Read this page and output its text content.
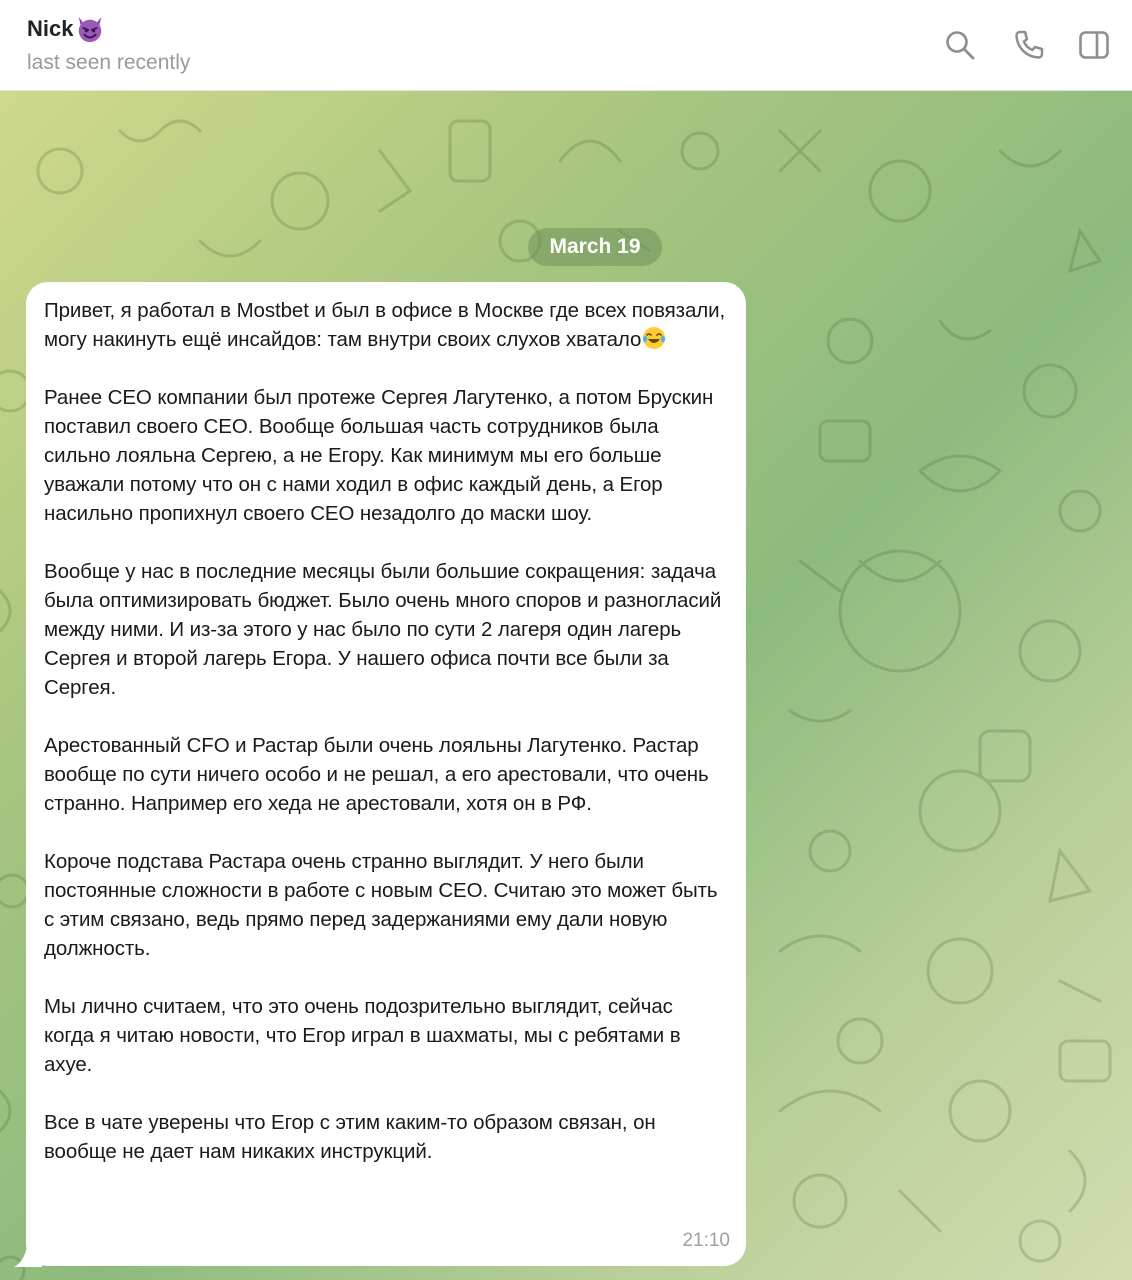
Nick
last seen recently
March 19

Привет, я работал в Mostbet и был в офисе в Москве где всех повязали, могу накинуть ещё инсайдов: там внутри своих слухов хватало

Ранее CEO компании был протеже Сергея Лагутенко, а потом Брускин поставил своего CEO. Вообще большая часть сотрудников была сильно лояльна Сергею, а не Егору. Как минимум мы его больше уважали потому что он с нами ходил в офис каждый день, а Егор насильно пропихнул своего CEO незадолго до маски шоу.

Вообще у нас в последние месяцы были большие сокращения: задача была оптимизировать бюджет. Было очень много споров и разногласий между ними. И из-за этого у нас было по сути 2 лагеря один лагерь Сергея и второй лагерь Егора. У нашего офиса почти все были за Сергея.

Арестованный CFO и Растар были очень лояльны Лагутенко. Растар вообще по сути ничего особо и не решал, а его арестовали, что очень странно. Например его хеда не арестовали, хотя он в РФ.

Короче подстава Растара очень странно выглядит. У него были постоянные сложности в работе с новым CEO. Считаю это может быть с этим связано, ведь прямо перед задержаниями ему дали новую должность.

Мы лично считаем, что это очень подозрительно выглядит, сейчас когда я читаю новости, что Егор играл в шахматы, мы с ребятами в ахуе.

Все в чате уверены что Егор с этим каким-то образом связан, он вообще не дает нам никаких инструкций.

21:10
